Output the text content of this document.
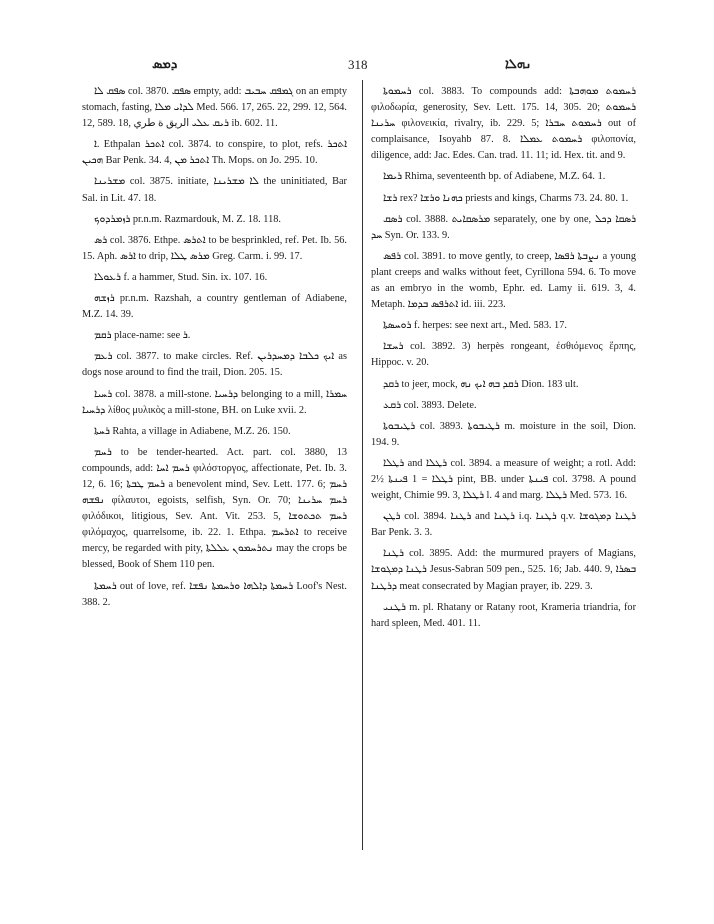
ܕܡܣ	318	ܢܗܠܐ

ܣܦܩ ܠܐ col. 3870. ܣܦܩ empty, add: ܓܡܦܩ ܚܒܝܒ on an empty stomach, fasting, ܠܕܐܝ ܡܠܐ Med. 566. 17, 265. 22, 299. 12, 564. 12, 589. 18, ܪܝܩ ܥܠܝ الريق ة طري ib. 602. 11.

ܐ. Ethpalan ܐܬܟܪ col. 3874. to conspire, to plot, refs. ܐܬܟܪ ܗܟܝܢ Bar Penk. 34. 4, ܐܬܟܪ ܡܢ Th. Mops. on Jo. 295. 10.

ܡܫܪܝܢܐ col. 3875. initiate, ܠܐ ܡܫܪܝܢܐ the uninitiated, Bar Sal. in Lit. 47. 18.

ܪܙܡܪܕܘܟ pr.n.m. Razmardouk, M. Z. 18. 118.

ܪܣ col. 3876. Ethpe. ܐܬܪܣ to be besprinkled, ref. Pet. Ib. 56. 15. Aph. ܐܪܣ to drip, ܡܪܣ ܛܠܐ Greg. Carm. i. 99. 17.

ܪܥܘܠܐ f. a hammer, Stud. Sin. ix. 107. 16.

ܪܙܫܗ pr.n.m. Razshah, a country gentleman of Adiabene, M.Z. 14. 39.

ܪܩܡ place-name: see ܪ.

ܪܥܡ col. 3877. to make circles. Ref. ܐܝܟ ܟܠܒܐ ܕܡܚܕܪܝܢ as dogs nose around to find the trail, Dion. 205. 15.

ܪܚܝܐ col. 3878. a mill-stone. ܕܪܚܝܐ belonging to a mill, ܚܡܪܐ ܕܪܚܝܐ λίθος μυλικὸς a mill-stone, BH. on Luke xvii. 2.

ܪܚܬܐ Rahta, a village in Adiabene, M.Z. 26. 150.

ܪܚܡ to be tender-hearted. Act. part. col. 3880, 13 compounds, add: ܪܚܡ ܐܚܐ φιλόστοργος, affectionate, Pet. Ib. 3. 12, 6. 16; ܪܚܡ ܛܒܬܐ a benevolent mind, Sev. Lett. 177. 6; ܪܚܡ ܢܦܫܗ φίλαυτοι, egoists, selfish, Syn. Or. 70; ܪܚܡ ܚܪܝܢܐ φιλόδικοι, litigious, Sev. Ant. Vit. 253. 5, ܪܚܡ ܬܟܬܘܫܐ φιλόμαχος, quarrelsome, ib. 22. 1. Ethpa. ܐܬܪܚܡ to receive mercy, be regarded with pity, ܢܬܪܚܡܘܢ ܥܠܠܬܐ may the crops be blessed, Book of Shem 110 pen.

ܪܚܡܬܐ out of love, ref. ܪܚܡܬܐ ܕܐܠܗܐ ܘܪܚܡܬܐ ܢܦܫܐ Loof's Nest. 388. 2.

ܪܚܡܘܬܐ col. 3883. To compounds add: ܪܚܡܘܬ ܡܘܗܒܬܐ φιλοδωρία, generosity, Sev. Lett. 175. 14, 305. 20; ܪܚܡܘܬ ܚܪܝܢܐ φιλονεικία, rivalry, ib. 229. 5; ܪܚܡܘܬ ܚܒܪܐ out of complaisance, Isoyahb 87. 8. ܪܚܡܘܬ ܥܡܠܐ φιλοπονία, diligence, add: Jac. Edes. Can. trad. 11. 11; id. Hex. tit. and 9.

ܪܝܡܐ Rhima, seventeenth bp. of Adiabene, M.Z. 64. 1.

ܪܫܐ rex? ܟܗܢܐ ܘܪܫܐ priests and kings, Charms 73. 24. 80. 1.

ܪܣܩ col. 3888. ܡܪܣܩܐܝܬ separately, one by one, ܪܣܩܐ ܕܟܠ ܚܕ Syn. Or. 133. 9.

ܪܦܣ col. 3891. to move gently, to creep, ܢܨܒܬܐ ܪܦܣܐ a young plant creeps and walks without feet, Cyrillona 594. 6. To move as an embryo in the womb, Ephr. ed. Lamy ii. 619. 3, 4. Metaph. ܐܬܪܦܣ ܒܕܡܐ id. iii. 223.

ܪܘܚܣܬܐ f. herpes: see next art., Med. 583. 17.

ܪܚܫܐ col. 3892. 3) herpès rongeant, ἐσθιόμενος ἕρπης, Hippoc. v. 20.

ܪܩܕ to jeer, mock, ܪܩܕ ܒܗ ܐܝܟ ܢܗ Dion. 183 ult.

ܪܩܥ col. 3893. Delete.

ܪܛܝܒܘܬܐ col. 3893. ܪܛܝܒܘܬܐ m. moisture in the soil, Dion. 194. 9.

ܪܛܠܐ and ܪܛܠܐ col. 3894. a measure of weight; a rotl. Add: 2½ ܪܛܠܐ = 1 ܦܝܢܬܐ pint, BB. under ܦܝܢܬܐ col. 3798. A pound weight, Chimie 99. 3, ܪܛܠܐ l. 4 and marg. ܪܛܠܐ Med. 573. 16.

ܪܛܢ col. 3894. ܪܛܢܐ and ܪܛܢܐ i.q. ܪܛܢܐ q.v. ܪܛܢܐ ܕܡܓܘܫܐ Bar Penk. 3. 3.

ܪܛܢܐ col. 3895. Add: the murmured prayers of Magians, ܪܛܢܐ ܕܡܓܘܫܐ Jesus-Sabran 509 pen., 525. 16; Jab. 440. 9, ܒܣܪܐ ܕܪܛܢܐ meat consecrated by Magian prayer, ib. 229. 3.

ܪܛܢܝ m. pl. Rhatany or Ratany root, Krameria triandria, for hard spleen, Med. 401. 11.
